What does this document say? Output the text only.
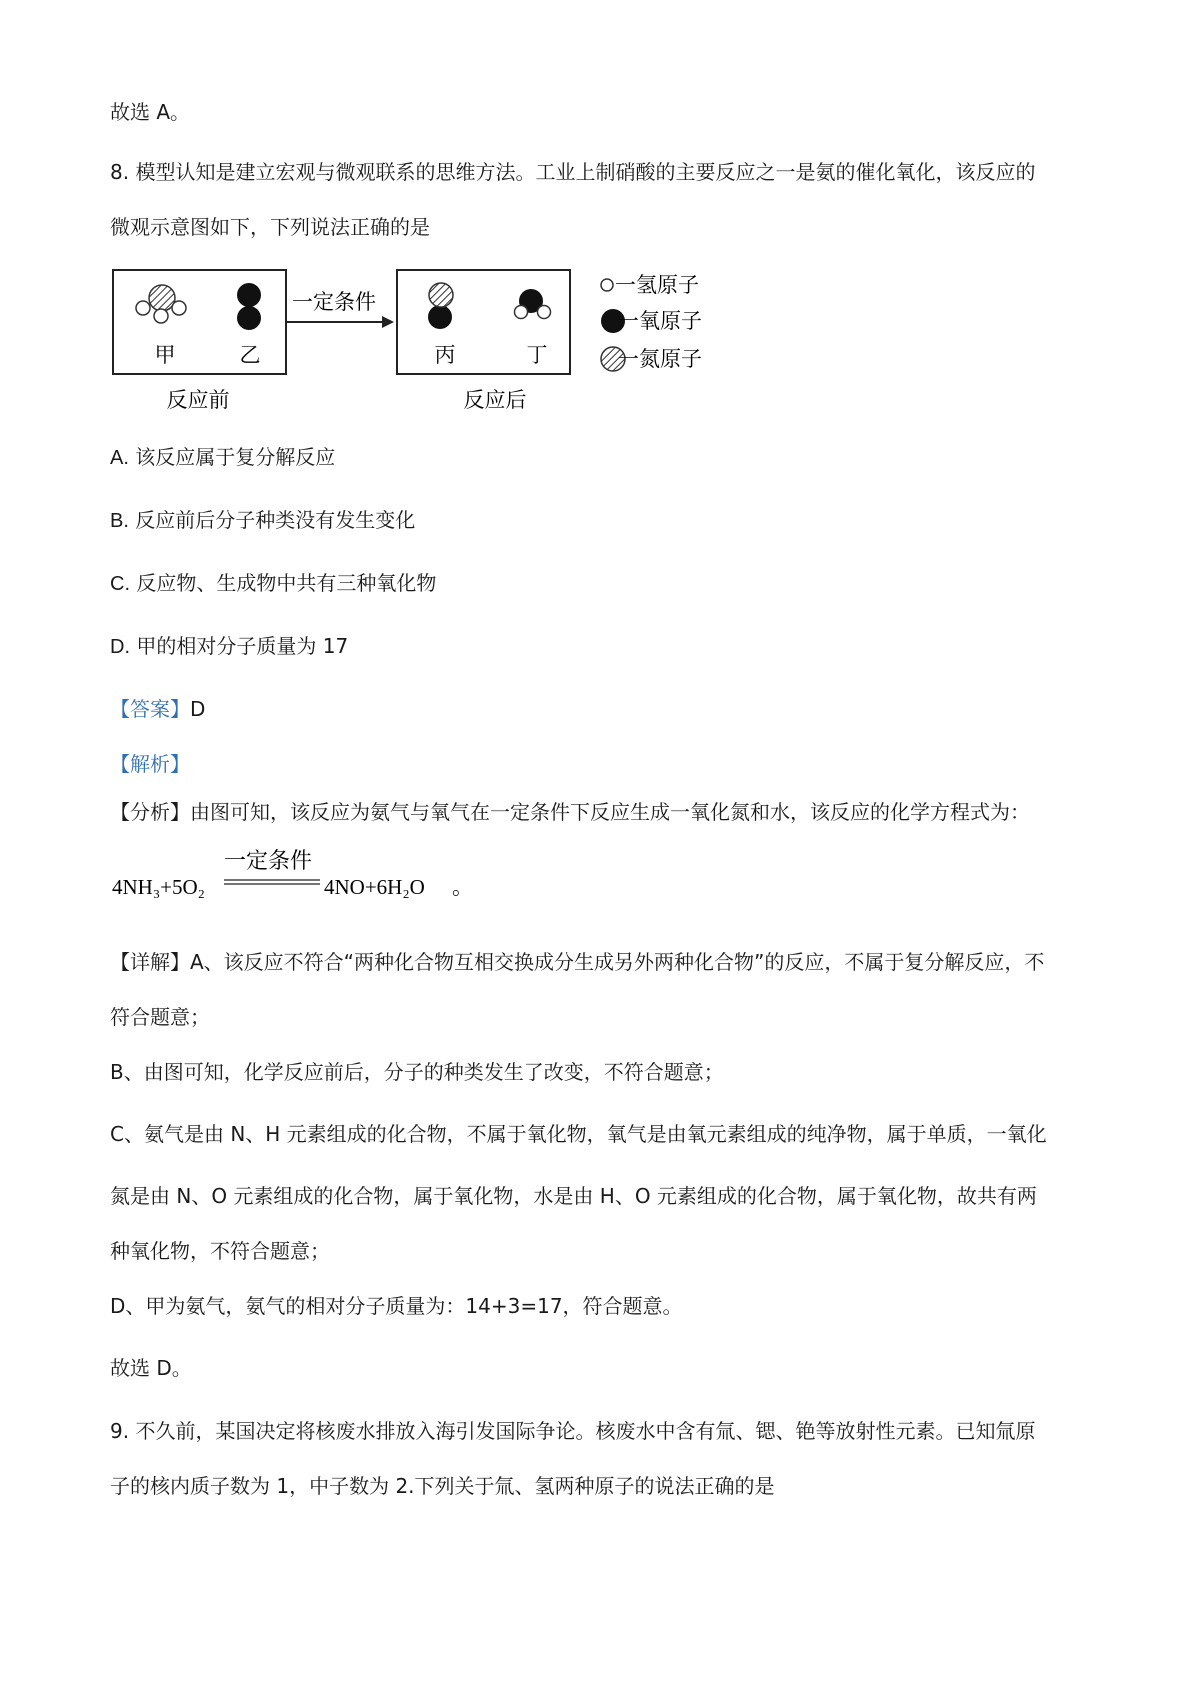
故选 A。
8. 模型认知是建立宏观与微观联系的思维方法。工业上制硝酸的主要反应之一是氨的催化氧化，该反应的
微观示意图如下，下列说法正确的是
甲	乙
反应前
一定条件
丙	丁
反应后
一氢原子
一氧原子
一氮原子
A. 该反应属于复分解反应
B. 反应前后分子种类没有发生变化
C. 反应物、生成物中共有三种氧化物
D. 甲的相对分子质量为 17
【答案】D
【解析】
【分析】由图可知，该反应为氨气与氧气在一定条件下反应生成一氧化氮和水，该反应的化学方程式为：
一定条件
4NH₃+5O₂	4NO+6H₂O 。
【详解】A、该反应不符合“两种化合物互相交换成分生成另外两种化合物”的反应，不属于复分解反应，不
符合题意；
B、由图可知，化学反应前后，分子的种类发生了改变，不符合题意；
C、氨气是由 N、H 元素组成的化合物，不属于氧化物，氧气是由氧元素组成的纯净物，属于单质，一氧化
氮是由 N、O 元素组成的化合物，属于氧化物，水是由 H、O 元素组成的化合物，属于氧化物，故共有两
种氧化物，不符合题意；
D、甲为氨气，氨气的相对分子质量为：14+3=17，符合题意。
故选 D。
9. 不久前，某国决定将核废水排放入海引发国际争论。核废水中含有氚、锶、铯等放射性元素。已知氚原
子的核内质子数为 1，中子数为 2.下列关于氚、氢两种原子的说法正确的是
